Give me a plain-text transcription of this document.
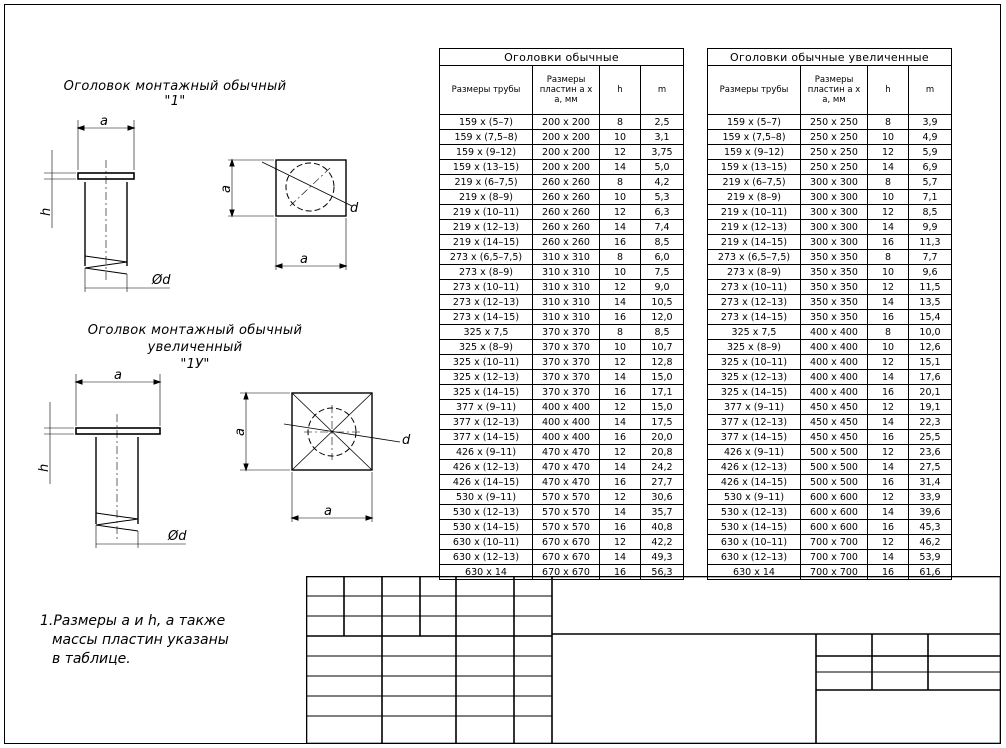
Оголовок монтажный обычный
"1"
Оголвок монтажный обычный
увеличенный
"1У"
a
h
Ød
a
a
d
a
h
Ød
a
a
d
1.Размеры а и h, а также
массы пластин указаны
в таблице.
Оголовки обычные			
Размеры трубы	Размеры пластин а х а, мм	h	m
159 х (5–7)	200 х 200	8	2,5
159 х (7,5–8)	200 х 200	10	3,1
159 х (9–12)	200 х 200	12	3,75
159 х (13–15)	200 х 200	14	5,0
219 х (6–7,5)	260 х 260	8	4,2
219 х (8–9)	260 х 260	10	5,3
219 х (10–11)	260 х 260	12	6,3
219 х (12–13)	260 х 260	14	7,4
219 х (14–15)	260 х 260	16	8,5
273 х (6,5–7,5)	310 х 310	8	6,0
273 х (8–9)	310 х 310	10	7,5
273 х (10–11)	310 х 310	12	9,0
273 х (12–13)	310 х 310	14	10,5
273 х (14–15)	310 х 310	16	12,0
325 х 7,5	370 х 370	8	8,5
325 х (8–9)	370 х 370	10	10,7
325 х (10–11)	370 х 370	12	12,8
325 х (12–13)	370 х 370	14	15,0
325 х (14–15)	370 х 370	16	17,1
377 х (9–11)	400 х 400	12	15,0
377 х (12–13)	400 х 400	14	17,5
377 х (14–15)	400 х 400	16	20,0
426 х (9–11)	470 х 470	12	20,8
426 х (12–13)	470 х 470	14	24,2
426 х (14–15)	470 х 470	16	27,7
530 х (9–11)	570 х 570	12	30,6
530 х (12–13)	570 х 570	14	35,7
530 х (14–15)	570 х 570	16	40,8
630 х (10–11)	670 х 670	12	42,2
630 х (12–13)	670 х 670	14	49,3
630 х 14	670 х 670	16	56,3
Оголовки обычные увеличенные			
Размеры трубы	Размеры пластин а х а, мм	h	m
159 х (5–7)	250 х 250	8	3,9
159 х (7,5–8)	250 х 250	10	4,9
159 х (9–12)	250 х 250	12	5,9
159 х (13–15)	250 х 250	14	6,9
219 х (6–7,5)	300 х 300	8	5,7
219 х (8–9)	300 х 300	10	7,1
219 х (10–11)	300 х 300	12	8,5
219 х (12–13)	300 х 300	14	9,9
219 х (14–15)	300 х 300	16	11,3
273 х (6,5–7,5)	350 х 350	8	7,7
273 х (8–9)	350 х 350	10	9,6
273 х (10–11)	350 х 350	12	11,5
273 х (12–13)	350 х 350	14	13,5
273 х (14–15)	350 х 350	16	15,4
325 х 7,5	400 х 400	8	10,0
325 х (8–9)	400 х 400	10	12,6
325 х (10–11)	400 х 400	12	15,1
325 х (12–13)	400 х 400	14	17,6
325 х (14–15)	400 х 400	16	20,1
377 х (9–11)	450 х 450	12	19,1
377 х (12–13)	450 х 450	14	22,3
377 х (14–15)	450 х 450	16	25,5
426 х (9–11)	500 х 500	12	23,6
426 х (12–13)	500 х 500	14	27,5
426 х (14–15)	500 х 500	16	31,4
530 х (9–11)	600 х 600	12	33,9
530 х (12–13)	600 х 600	14	39,6
530 х (14–15)	600 х 600	16	45,3
630 х (10–11)	700 х 700	12	46,2
630 х (12–13)	700 х 700	14	53,9
630 х 14	700 х 700	16	61,6
